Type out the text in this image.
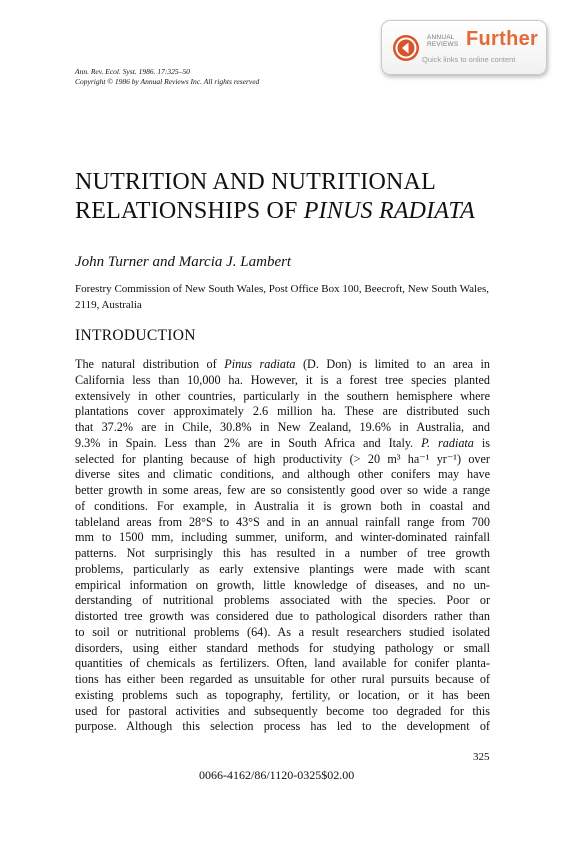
ANNUAL
REVIEWS Further
Quick links to online content
Ann. Rev. Ecol. Syst. 1986. 17:325–50
Copyright © 1986 by Annual Reviews Inc. All rights reserved
NUTRITION AND NUTRITIONAL
RELATIONSHIPS OF PINUS RADIATA
John Turner and Marcia J. Lambert
Forestry Commission of New South Wales, Post Office Box 100, Beecroft, New South Wales, 2119, Australia
INTRODUCTION
The natural distribution of Pinus radiata (D. Don) is limited to an area in
California less than 10,000 ha. However, it is a forest tree species planted
extensively in other countries, particularly in the southern hemisphere where
plantations cover approximately 2.6 million ha. These are distributed such
that 37.2% are in Chile, 30.8% in New Zealand, 19.6% in Australia, and
9.3% in Spain. Less than 2% are in South Africa and Italy. P. radiata is
selected for planting because of high productivity (> 20 m³ ha⁻¹ yr⁻¹) over
diverse sites and climatic conditions, and although other conifers may have
better growth in some areas, few are so consistently good over so wide a range
of conditions. For example, in Australia it is grown both in coastal and
tableland areas from 28°S to 43°S and in an annual rainfall range from 700
mm to 1500 mm, including summer, uniform, and winter-dominated rainfall
patterns. Not surprisingly this has resulted in a number of tree growth
problems, particularly as early extensive plantings were made with scant
empirical information on growth, little knowledge of diseases, and no un-
derstanding of nutritional problems associated with the species. Poor or
distorted tree growth was considered due to pathological disorders rather than
to soil or nutritional problems (64). As a result researchers studied isolated
disorders, using either standard methods for studying pathology or small
quantities of chemicals as fertilizers. Often, land available for conifer planta-
tions has either been regarded as unsuitable for other rural pursuits because of
existing problems such as topography, fertility, or location, or it has been
used for pastoral activities and subsequently become too degraded for this
purpose. Although this selection process has led to the development of
325
0066-4162/86/1120-0325$02.00
